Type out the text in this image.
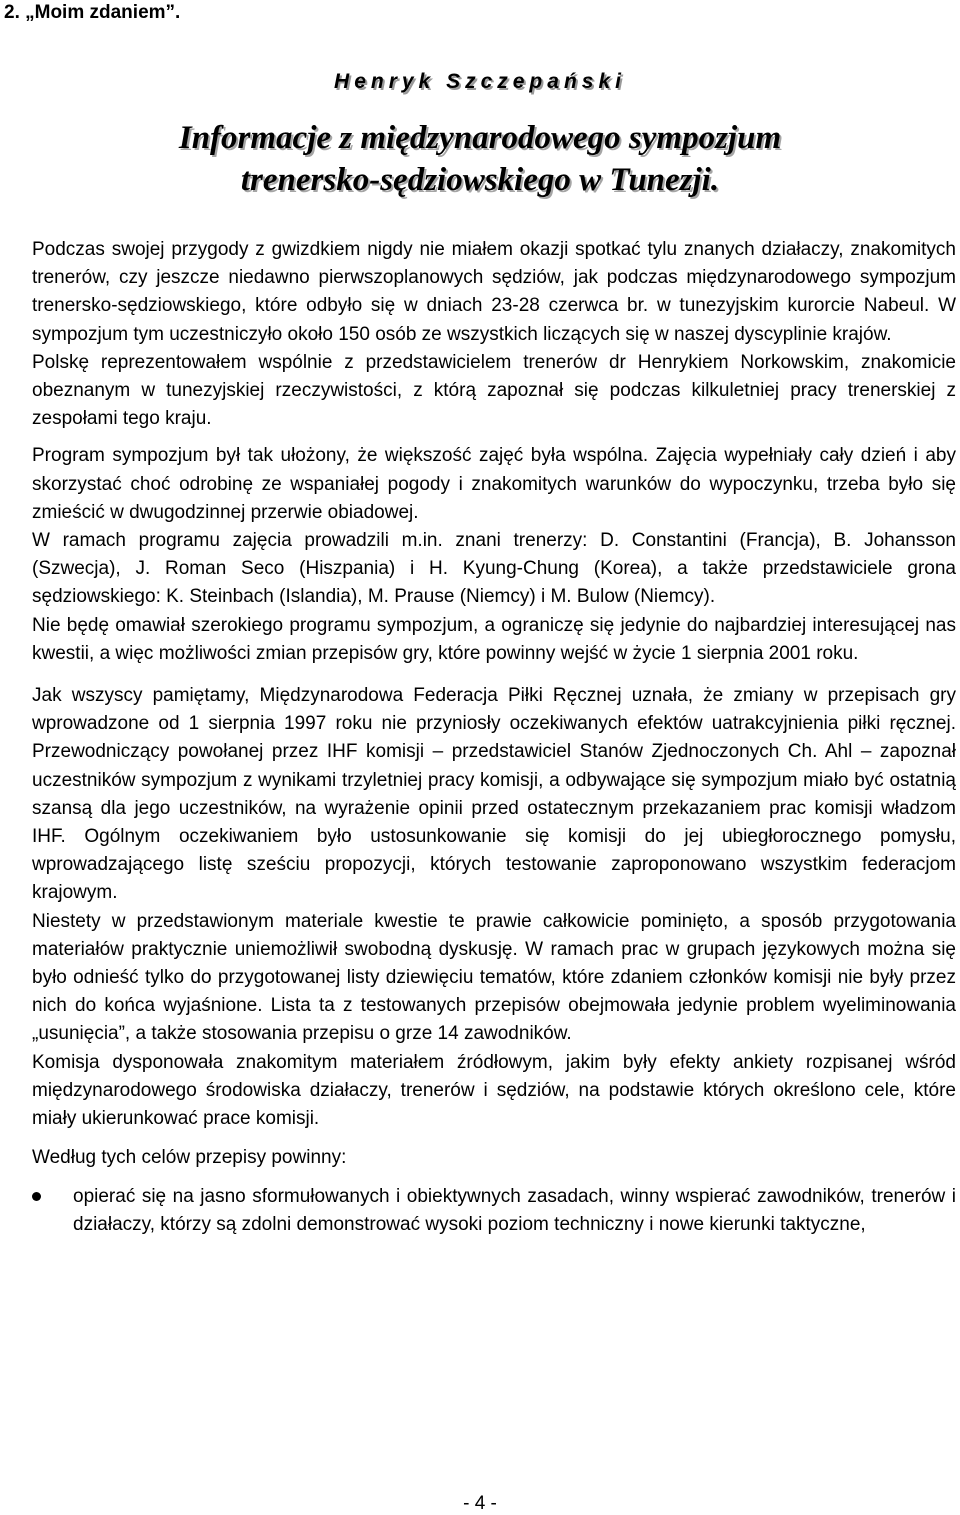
2. „Moim zdaniem”.

Henryk Szczepański

Informacje z międzynarodowego sympozjum
trenersko-sędziowskiego w Tunezji.

Podczas swojej przygody z gwizdkiem nigdy nie miałem okazji spotkać tylu znanych działaczy, znakomitych trenerów, czy jeszcze niedawno pierwszoplanowych sędziów, jak podczas międzynarodowego sympozjum trenersko-sędziowskiego, które odbyło się w dniach 23-28 czerwca br. w tunezyjskim kurorcie Nabeul. W sympozjum tym uczestniczyło około 150 osób ze wszystkich liczących się w naszej dyscyplinie krajów.

Polskę reprezentowałem wspólnie z przedstawicielem trenerów dr Henrykiem Norkowskim, znakomicie obeznanym w tunezyjskiej rzeczywistości, z którą zapoznał się podczas kilkuletniej pracy trenerskiej z zespołami tego kraju.

Program sympozjum był tak ułożony, że większość zajęć była wspólna. Zajęcia wypełniały cały dzień i aby skorzystać choć odrobinę ze wspaniałej pogody i znakomitych warunków do wypoczynku, trzeba było się zmieścić w dwugodzinnej przerwie obiadowej.

W ramach programu zajęcia prowadzili m.in. znani trenerzy: D. Constantini (Francja), B. Johansson (Szwecja), J. Roman Seco (Hiszpania) i H. Kyung-Chung (Korea), a także przedstawiciele grona sędziowskiego: K. Steinbach (Islandia), M. Prause (Niemcy) i M. Bulow (Niemcy).

Nie będę omawiał szerokiego programu sympozjum, a ograniczę się jedynie do najbardziej interesującej nas kwestii, a więc możliwości zmian przepisów gry, które powinny wejść w życie 1 sierpnia 2001 roku.

Jak wszyscy pamiętamy, Międzynarodowa Federacja Piłki Ręcznej uznała, że zmiany w przepisach gry wprowadzone od 1 sierpnia 1997 roku nie przyniosły oczekiwanych efektów uatrakcyjnienia piłki ręcznej. Przewodniczący powołanej przez IHF komisji – przedstawiciel Stanów Zjednoczonych Ch. Ahl – zapoznał uczestników sympozjum z wynikami trzyletniej pracy komisji, a odbywające się sympozjum miało być ostatnią szansą dla jego uczestników, na wyrażenie opinii przed ostatecznym przekazaniem prac komisji władzom IHF. Ogólnym oczekiwaniem było ustosunkowanie się komisji do jej ubiegłorocznego pomysłu, wprowadzającego listę sześciu propozycji, których testowanie zaproponowano wszystkim federacjom krajowym.

Niestety w przedstawionym materiale kwestie te prawie całkowicie pominięto, a sposób przygotowania materiałów praktycznie uniemożliwił swobodną dyskusję. W ramach prac w grupach językowych można się było odnieść tylko do przygotowanej listy dziewięciu tematów, które zdaniem członków komisji nie były przez nich do końca wyjaśnione. Lista ta z testowanych przepisów obejmowała jedynie problem wyeliminowania „usunięcia”, a także stosowania przepisu o grze 14 zawodników.

Komisja dysponowała znakomitym materiałem źródłowym, jakim były efekty ankiety rozpisanej wśród międzynarodowego środowiska działaczy, trenerów i sędziów, na podstawie których określono cele, które miały ukierunkować prace komisji.

Według tych celów przepisy powinny:

opierać się na jasno sformułowanych i obiektywnych zasadach, winny wspierać zawodników, trenerów i działaczy, którzy są zdolni demonstrować wysoki poziom techniczny i nowe kierunki taktyczne,

- 4 -
